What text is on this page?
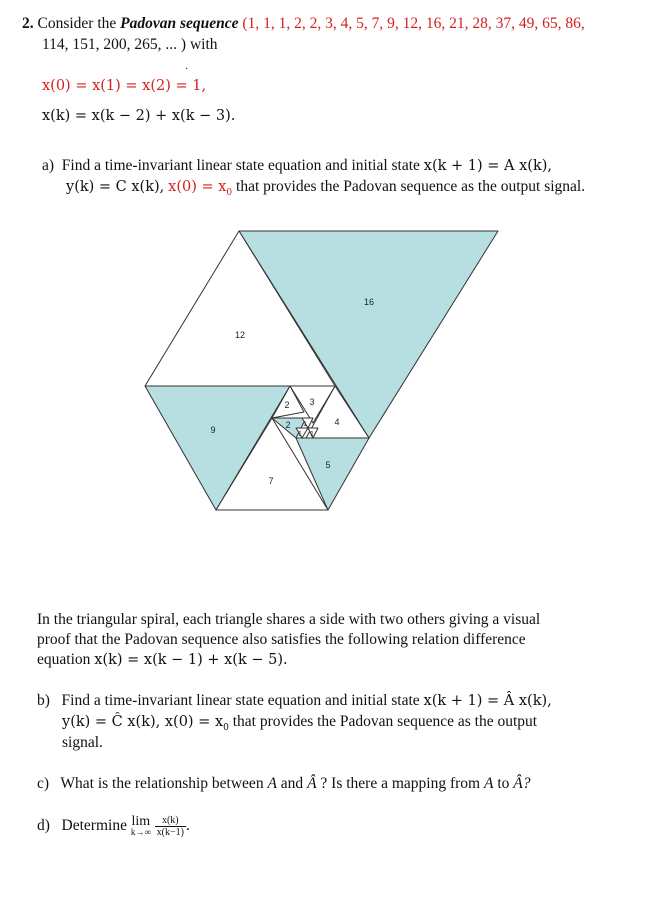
2. Consider the Padovan sequence (1, 1, 1, 2, 2, 3, 4, 5, 7, 9, 12, 16, 21, 28, 37, 49, 65, 86,
114, 151, 200, 265, ... ) with
·
x(0) = x(1) = x(2) = 1,
x(k) = x(k − 2) + x(k − 3).
a) Find a time-invariant linear state equation and initial state x(k + 1) = A x(k),
y(k) = C x(k), $x(0) = x_0$ that provides the Padovan sequence as the output signal.
16
12
9
7
5
4
3
2
2 1
1 1
In the triangular spiral, each triangle shares a side with two others giving a visual
proof that the Padovan sequence also satisfies the following relation difference
equation x(k) = x(k − 1) + x(k − 5).
b) Find a time-invariant linear state equation and initial state x(k + 1) = Â x(k),
y(k) = Ĉ x(k), $x(0) = x_0$ that provides the Padovan sequence as the output
signal.
c) What is the relationship between A and Â ? Is there a mapping from A to Â?
d) Determine lim
k→∞
$\frac{x(k)}{x(k-1)}$ .
